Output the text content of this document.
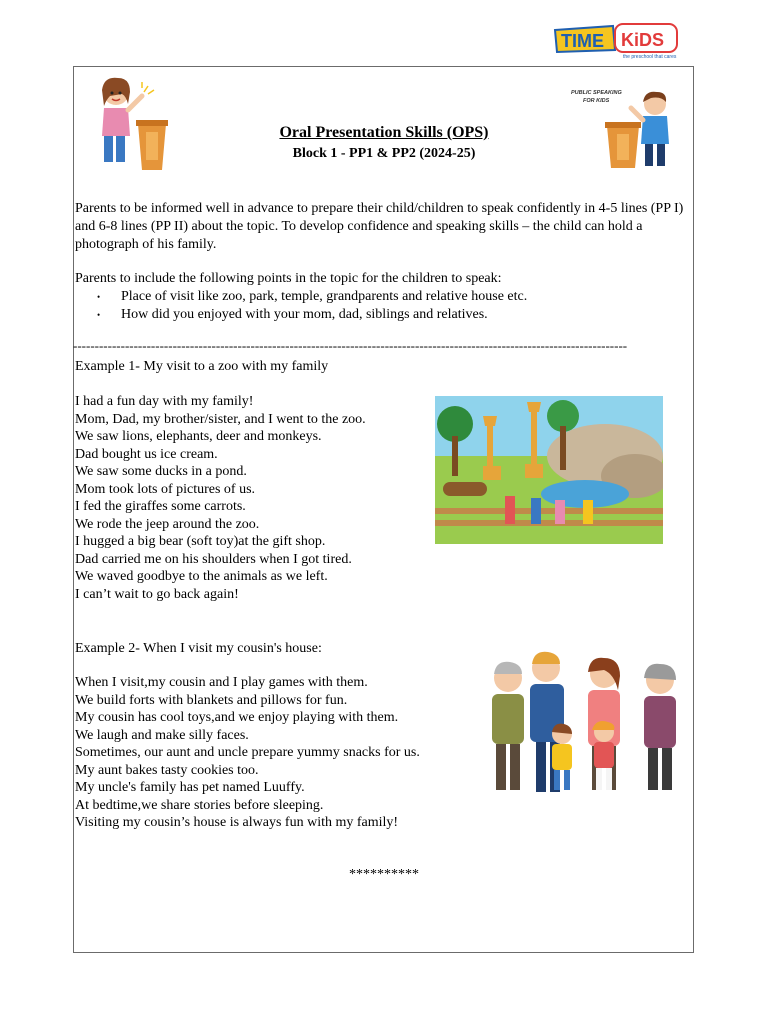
TIME KiDS
the preschool that cares
PUBLIC SPEAKING
FOR KIDS
Oral Presentation Skills (OPS)
Block 1 - PP1 & PP2 (2024-25)
Parents to be informed well in advance to prepare their child/children to speak confidently in 4-5 lines (PP I) and 6-8 lines (PP II) about the topic. To develop confidence and speaking skills – the child can hold a photograph of his family.
Parents to include the following points in the topic for the children to speak:
• Place of visit like zoo, park, temple, grandparents and relative house etc.
• How did you enjoyed with your mom, dad, siblings and relatives.
--------------------------------------------------------------------------------------------------------------------------------
Example 1- My visit to a zoo with my family
I had a fun day with my family!
Mom, Dad, my brother/sister, and I went to the zoo.
We saw lions, elephants, deer and monkeys.
Dad bought us ice cream.
We saw some ducks in a pond.
Mom took lots of pictures of us.
I fed the giraffes some carrots.
We rode the jeep around the zoo.
I hugged a big bear (soft toy)at the gift shop.
Dad carried me on his shoulders when I got tired.
We waved goodbye to the animals as we left.
I can’t wait to go back again!
Example 2- When I visit my cousin's house:
When I visit,my cousin and I play games with them.
We build forts with blankets and pillows for fun.
My cousin has cool toys,and we enjoy playing with them.
We laugh and make silly faces.
Sometimes, our aunt and uncle prepare yummy snacks for us.
My aunt bakes tasty cookies too.
My uncle's family has pet named Luuffy.
At bedtime,we share stories before sleeping.
Visiting my cousin’s house is always fun with my family!
**********
